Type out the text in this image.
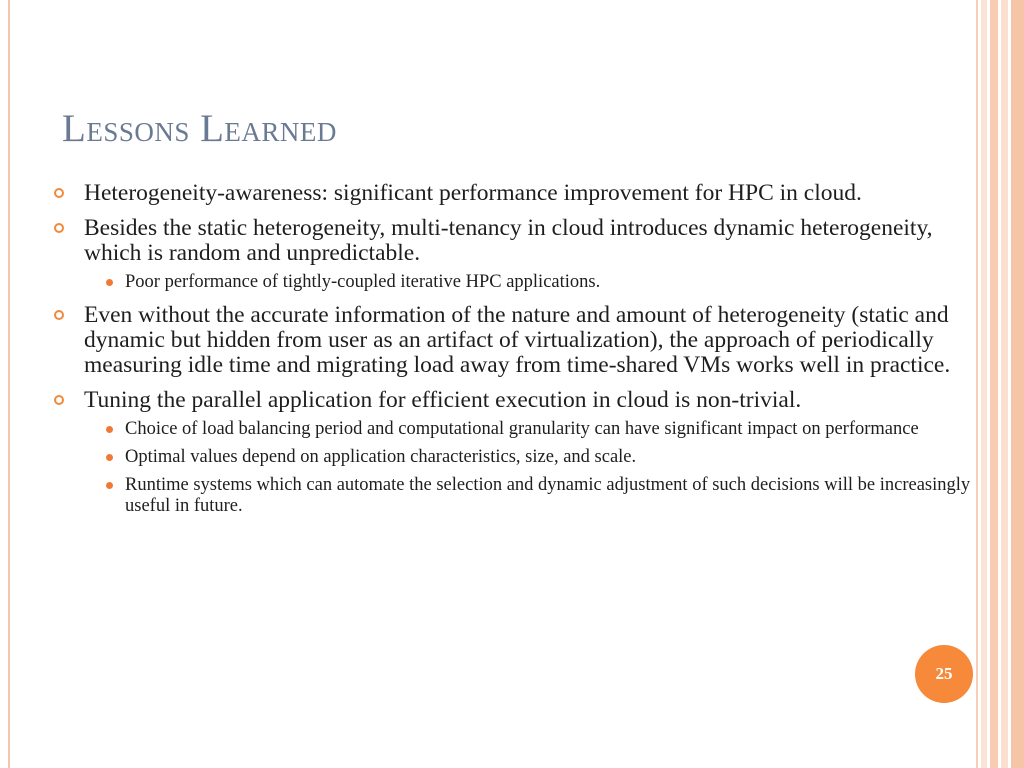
Lessons Learned
Heterogeneity-awareness: significant performance improvement for HPC in cloud.
Besides the static heterogeneity, multi-tenancy in cloud introduces dynamic heterogeneity, which is random and unpredictable.
Poor performance of tightly-coupled iterative HPC applications.
Even without the accurate information of the nature and amount of heterogeneity (static and dynamic but hidden from user as an artifact of virtualization), the approach of periodically measuring idle time and migrating load away from time-shared VMs works well in practice.
Tuning the parallel application for efficient execution in cloud is non-trivial.
Choice of load balancing period and computational granularity can have significant impact on performance
Optimal values depend on application characteristics, size, and scale.
Runtime systems which can automate the selection and dynamic adjustment of such decisions will be increasingly useful in future.
25
